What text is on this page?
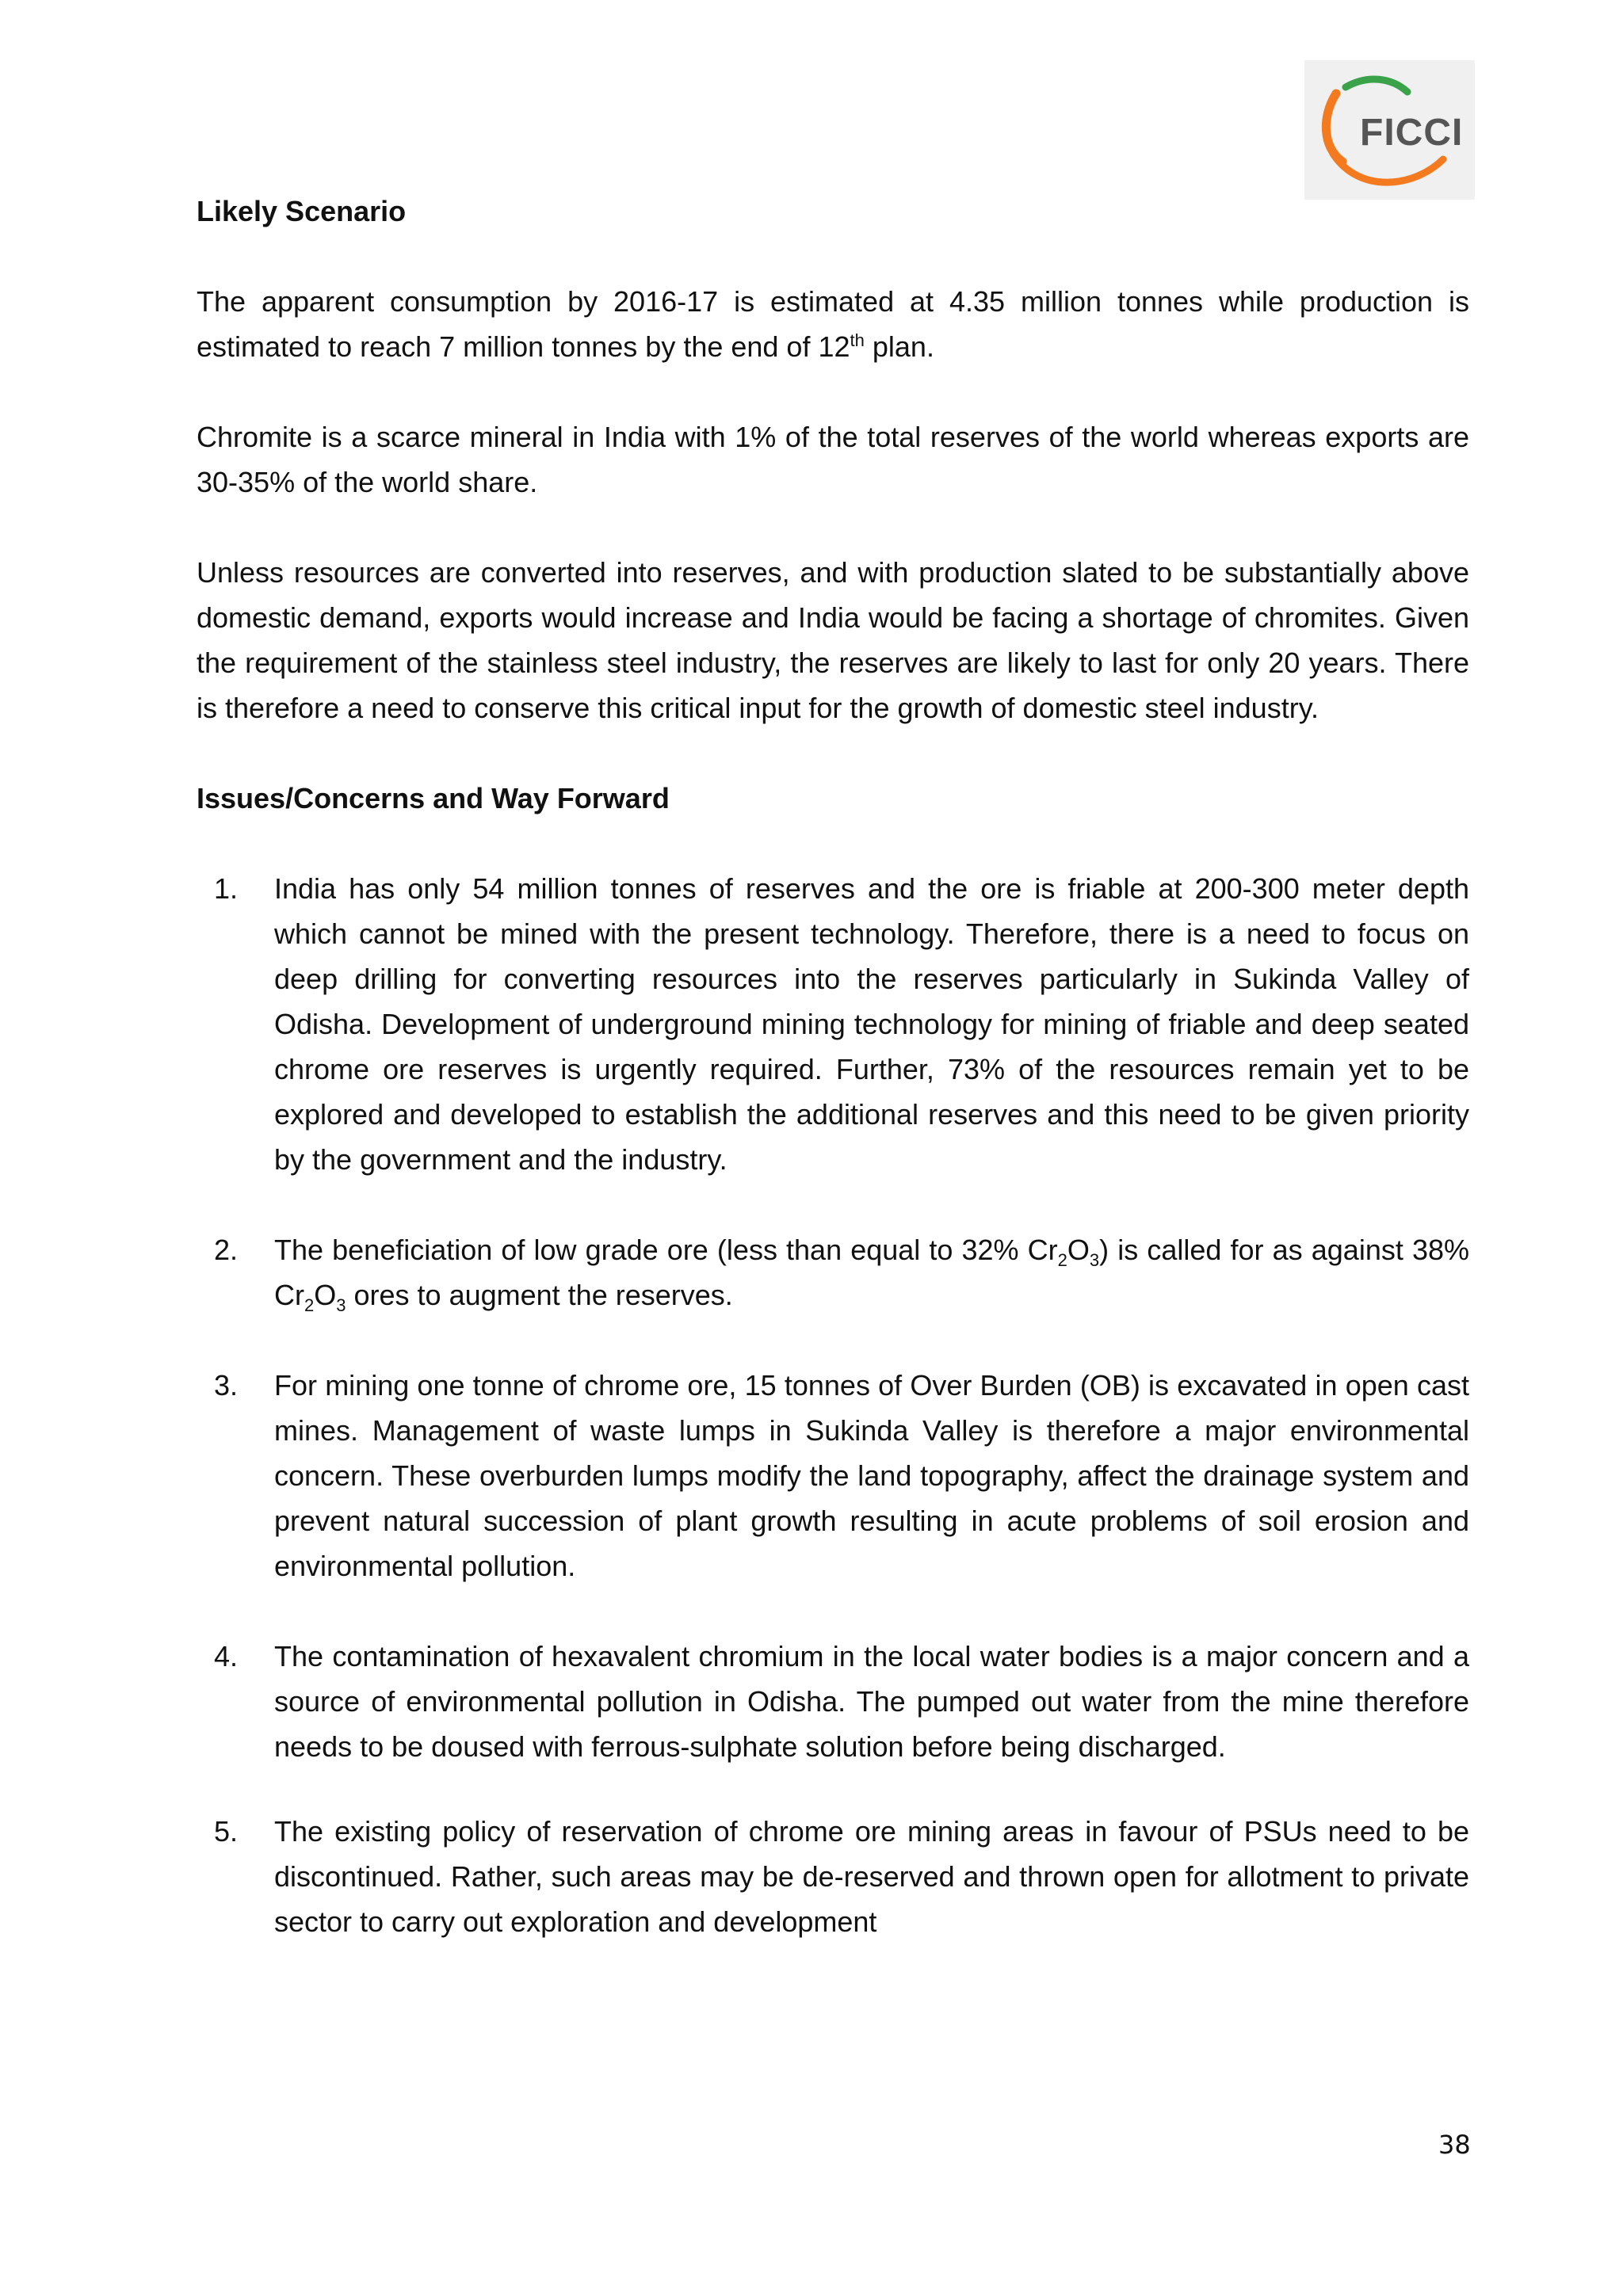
FICCI

Likely Scenario

The apparent consumption by 2016-17 is estimated at 4.35 million tonnes while production is estimated to reach 7 million tonnes by the end of 12th plan.

Chromite is a scarce mineral in India with 1% of the total reserves of the world whereas exports are 30-35% of the world share.

Unless resources are converted into reserves, and with production slated to be substantially above domestic demand, exports would increase and India would be facing a shortage of chromites. Given the requirement of the stainless steel industry, the reserves are likely to last for only 20 years. There is therefore a need to conserve this critical input for the growth of domestic steel industry.

Issues/Concerns and Way Forward

1. India has only 54 million tonnes of reserves and the ore is friable at 200-300 meter depth which cannot be mined with the present technology. Therefore, there is a need to focus on deep drilling for converting resources into the reserves particularly in Sukinda Valley of Odisha. Development of underground mining technology for mining of friable and deep seated chrome ore reserves is urgently required. Further, 73% of the resources remain yet to be explored and developed to establish the additional reserves and this need to be given priority by the government and the industry.
2. The beneficiation of low grade ore (less than equal to 32% $Cr_2O_3$) is called for as against 38% $Cr_2O_3$ ores to augment the reserves.
3. For mining one tonne of chrome ore, 15 tonnes of Over Burden (OB) is excavated in open cast mines. Management of waste lumps in Sukinda Valley is therefore a major environmental concern. These overburden lumps modify the land topography, affect the drainage system and prevent natural succession of plant growth resulting in acute problems of soil erosion and environmental pollution.
4. The contamination of hexavalent chromium in the local water bodies is a major concern and a source of environmental pollution in Odisha. The pumped out water from the mine therefore needs to be doused with ferrous-sulphate solution before being discharged.
5. The existing policy of reservation of chrome ore mining areas in favour of PSUs need to be discontinued. Rather, such areas may be de-reserved and thrown open for allotment to private sector to carry out exploration and development
38
